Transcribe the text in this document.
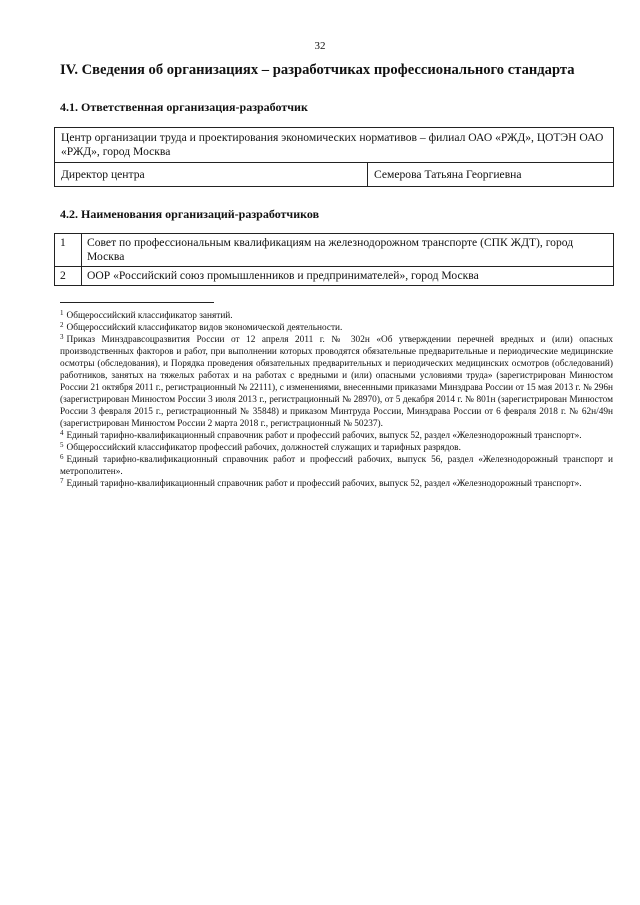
32
IV. Сведения об организациях – разработчиках профессионального стандарта
4.1. Ответственная организация-разработчик
Центр организации труда и проектирования экономических нормативов – филиал ОАО «РЖД», ЦОТЭН ОАО «РЖД», город Москва
Директор центра	Семерова Татьяна Георгиевна
4.2. Наименования организаций-разработчиков
1	Совет по профессиональным квалификациям на железнодорожном транспорте (СПК ЖДТ), город Москва
2	ООР «Российский союз промышленников и предпринимателей», город Москва

$^1$ Общероссийский классификатор занятий.

$^2$ Общероссийский классификатор видов экономической деятельности.

$^3$ Приказ Минздравсоцразвития России от 12 апреля 2011 г. № 302н «Об утверждении перечней вредных и (или) опасных производственных факторов и работ, при выполнении которых проводятся обязательные предварительные и периодические медицинские осмотры (обследования), и Порядка проведения обязательных предварительных и периодических медицинских осмотров (обследований) работников, занятых на тяжелых работах и на работах с вредными и (или) опасными условиями труда» (зарегистрирован Минюстом России 21 октября 2011 г., регистрационный № 22111), с изменениями, внесенными приказами Минздрава России от 15 мая 2013 г. № 296н (зарегистрирован Минюстом России 3 июля 2013 г., регистрационный № 28970), от 5 декабря 2014 г. № 801н (зарегистрирован Минюстом России 3 февраля 2015 г., регистрационный № 35848) и приказом Минтруда России, Минздрава России от 6 февраля 2018 г. № 62н/49н (зарегистрирован Минюстом России 2 марта 2018 г., регистрационный № 50237).

$^4$ Единый тарифно-квалификационный справочник работ и профессий рабочих, выпуск 52, раздел «Железнодорожный транспорт».

$^5$ Общероссийский классификатор профессий рабочих, должностей служащих и тарифных разрядов.

$^6$ Единый тарифно-квалификационный справочник работ и профессий рабочих, выпуск 56, раздел «Железнодорожный транспорт и метрополитен».

$^7$ Единый тарифно-квалификационный справочник работ и профессий рабочих, выпуск 52, раздел «Железнодорожный транспорт».
